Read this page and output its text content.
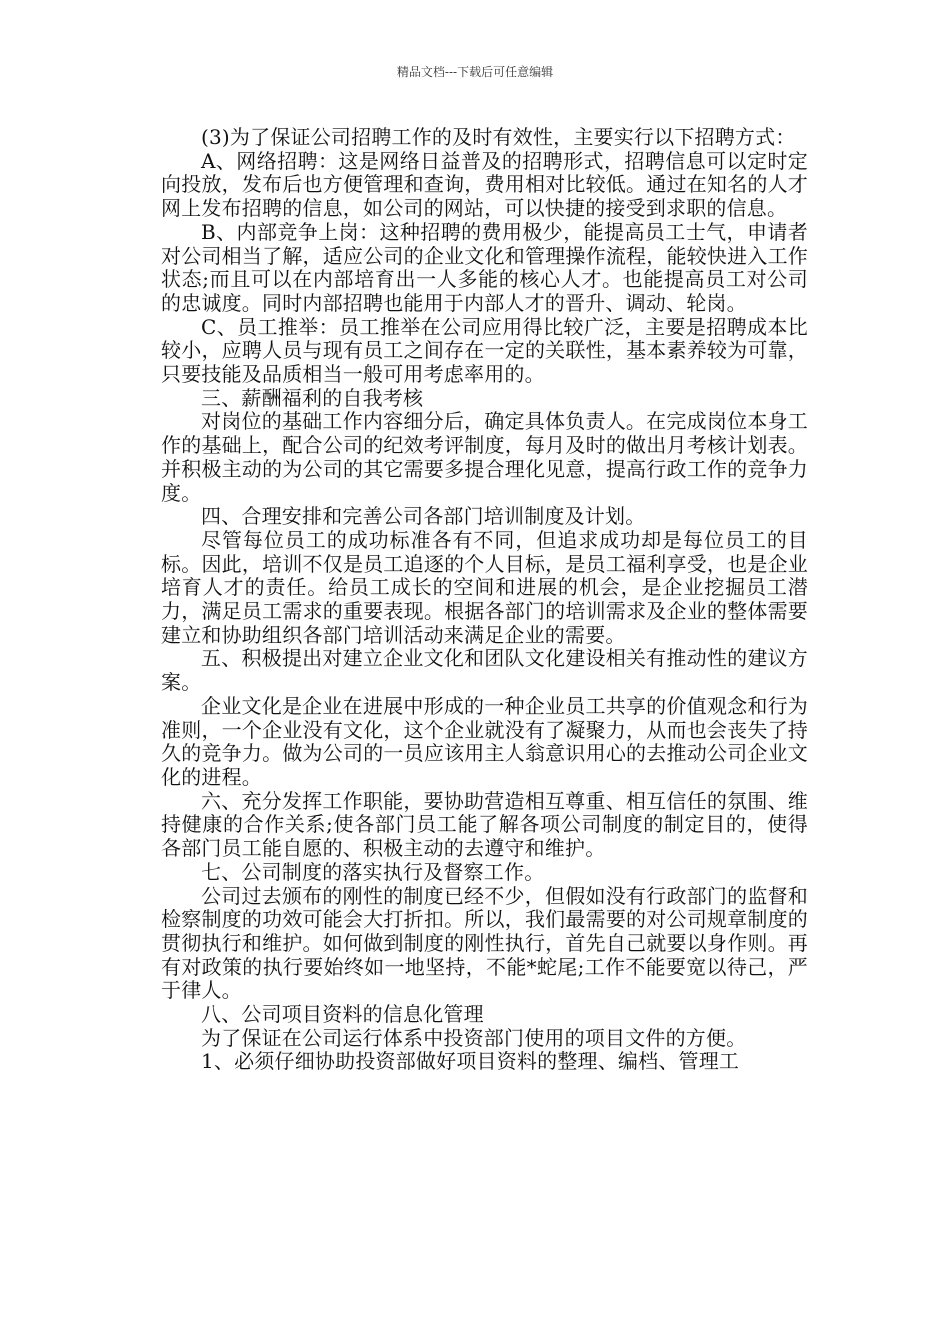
精品文档---下载后可任意编辑

(3)为了保证公司招聘工作的及时有效性，主要实行以下招聘方式：

A、网络招聘：这是网络日益普及的招聘形式，招聘信息可以定时定向投放，发布后也方便管理和查询，费用相对比较低。通过在知名的人才网上发布招聘的信息，如公司的网站，可以快捷的接受到求职的信息。

B、内部竞争上岗：这种招聘的费用极少，能提高员工士气，申请者对公司相当了解，适应公司的企业文化和管理操作流程，能较快进入工作状态;而且可以在内部培育出一人多能的核心人才。也能提高员工对公司的忠诚度。同时内部招聘也能用于内部人才的晋升、调动、轮岗。

C、员工推举：员工推举在公司应用得比较广泛，主要是招聘成本比较小，应聘人员与现有员工之间存在一定的关联性，基本素养较为可靠，只要技能及品质相当一般可用考虑率用的。

三、薪酬福利的自我考核

对岗位的基础工作内容细分后，确定具体负责人。在完成岗位本身工作的基础上，配合公司的纪效考评制度，每月及时的做出月考核计划表。并积极主动的为公司的其它需要多提合理化见意，提高行政工作的竞争力度。

四、合理安排和完善公司各部门培训制度及计划。

尽管每位员工的成功标准各有不同，但追求成功却是每位员工的目标。因此，培训不仅是员工追逐的个人目标，是员工福利享受，也是企业培育人才的责任。给员工成长的空间和进展的机会，是企业挖掘员工潜力，满足员工需求的重要表现。根据各部门的培训需求及企业的整体需要建立和协助组织各部门培训活动来满足企业的需要。

五、积极提出对建立企业文化和团队文化建设相关有推动性的建议方案。

企业文化是企业在进展中形成的一种企业员工共享的价值观念和行为准则，一个企业没有文化，这个企业就没有了凝聚力，从而也会丧失了持久的竞争力。做为公司的一员应该用主人翁意识用心的去推动公司企业文化的进程。

六、充分发挥工作职能，要协助营造相互尊重、相互信任的氛围、维持健康的合作关系;使各部门员工能了解各项公司制度的制定目的，使得各部门员工能自愿的、积极主动的去遵守和维护。

七、公司制度的落实执行及督察工作。

公司过去颁布的刚性的制度已经不少，但假如没有行政部门的监督和检察制度的功效可能会大打折扣。所以，我们最需要的对公司规章制度的贯彻执行和维护。如何做到制度的刚性执行，首先自己就要以身作则。再有对政策的执行要始终如一地坚持，不能*蛇尾;工作不能要宽以待己，严于律人。

八、公司项目资料的信息化管理

为了保证在公司运行体系中投资部门使用的项目文件的方便。

1、必须仔细协助投资部做好项目资料的整理、编档、管理工
